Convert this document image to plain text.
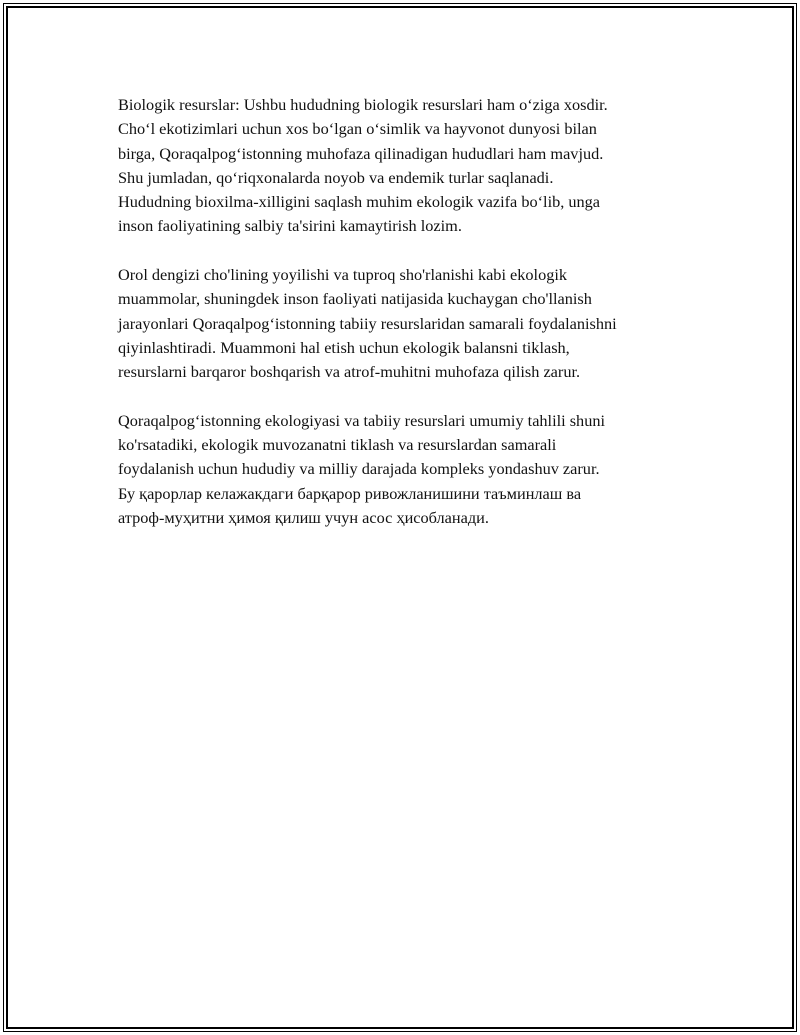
Biologik resurslar: Ushbu hududning biologik resurslari ham o‘ziga xosdir.
Cho‘l ekotizimlari uchun xos bo‘lgan o‘simlik va hayvonot dunyosi bilan
birga, Qoraqalpog‘istonning muhofaza qilinadigan hududlari ham mavjud.
Shu jumladan, qo‘riqxonalarda noyob va endemik turlar saqlanadi.
Hududning bioxilma-xilligini saqlash muhim ekologik vazifa bo‘lib, unga
inson faoliyatining salbiy ta'sirini kamaytirish lozim.

Orol dengizi cho'lining yoyilishi va tuproq sho'rlanishi kabi ekologik
muammolar, shuningdek inson faoliyati natijasida kuchaygan cho'llanish
jarayonlari Qoraqalpog‘istonning tabiiy resurslaridan samarali foydalanishni
qiyinlashtiradi. Muammoni hal etish uchun ekologik balansni tiklash,
resurslarni barqaror boshqarish va atrof-muhitni muhofaza qilish zarur.

Qoraqalpog‘istonning ekologiyasi va tabiiy resurslari umumiy tahlili shuni
ko'rsatadiki, ekologik muvozanatni tiklash va resurslardan samarali
foydalanish uchun hududiy va milliy darajada kompleks yondashuv zarur.
Бу қарорлар келажакдаги барқарор ривожланишини таъминлаш ва
атроф-муҳитни ҳимоя қилиш учун асос ҳисобланади.
